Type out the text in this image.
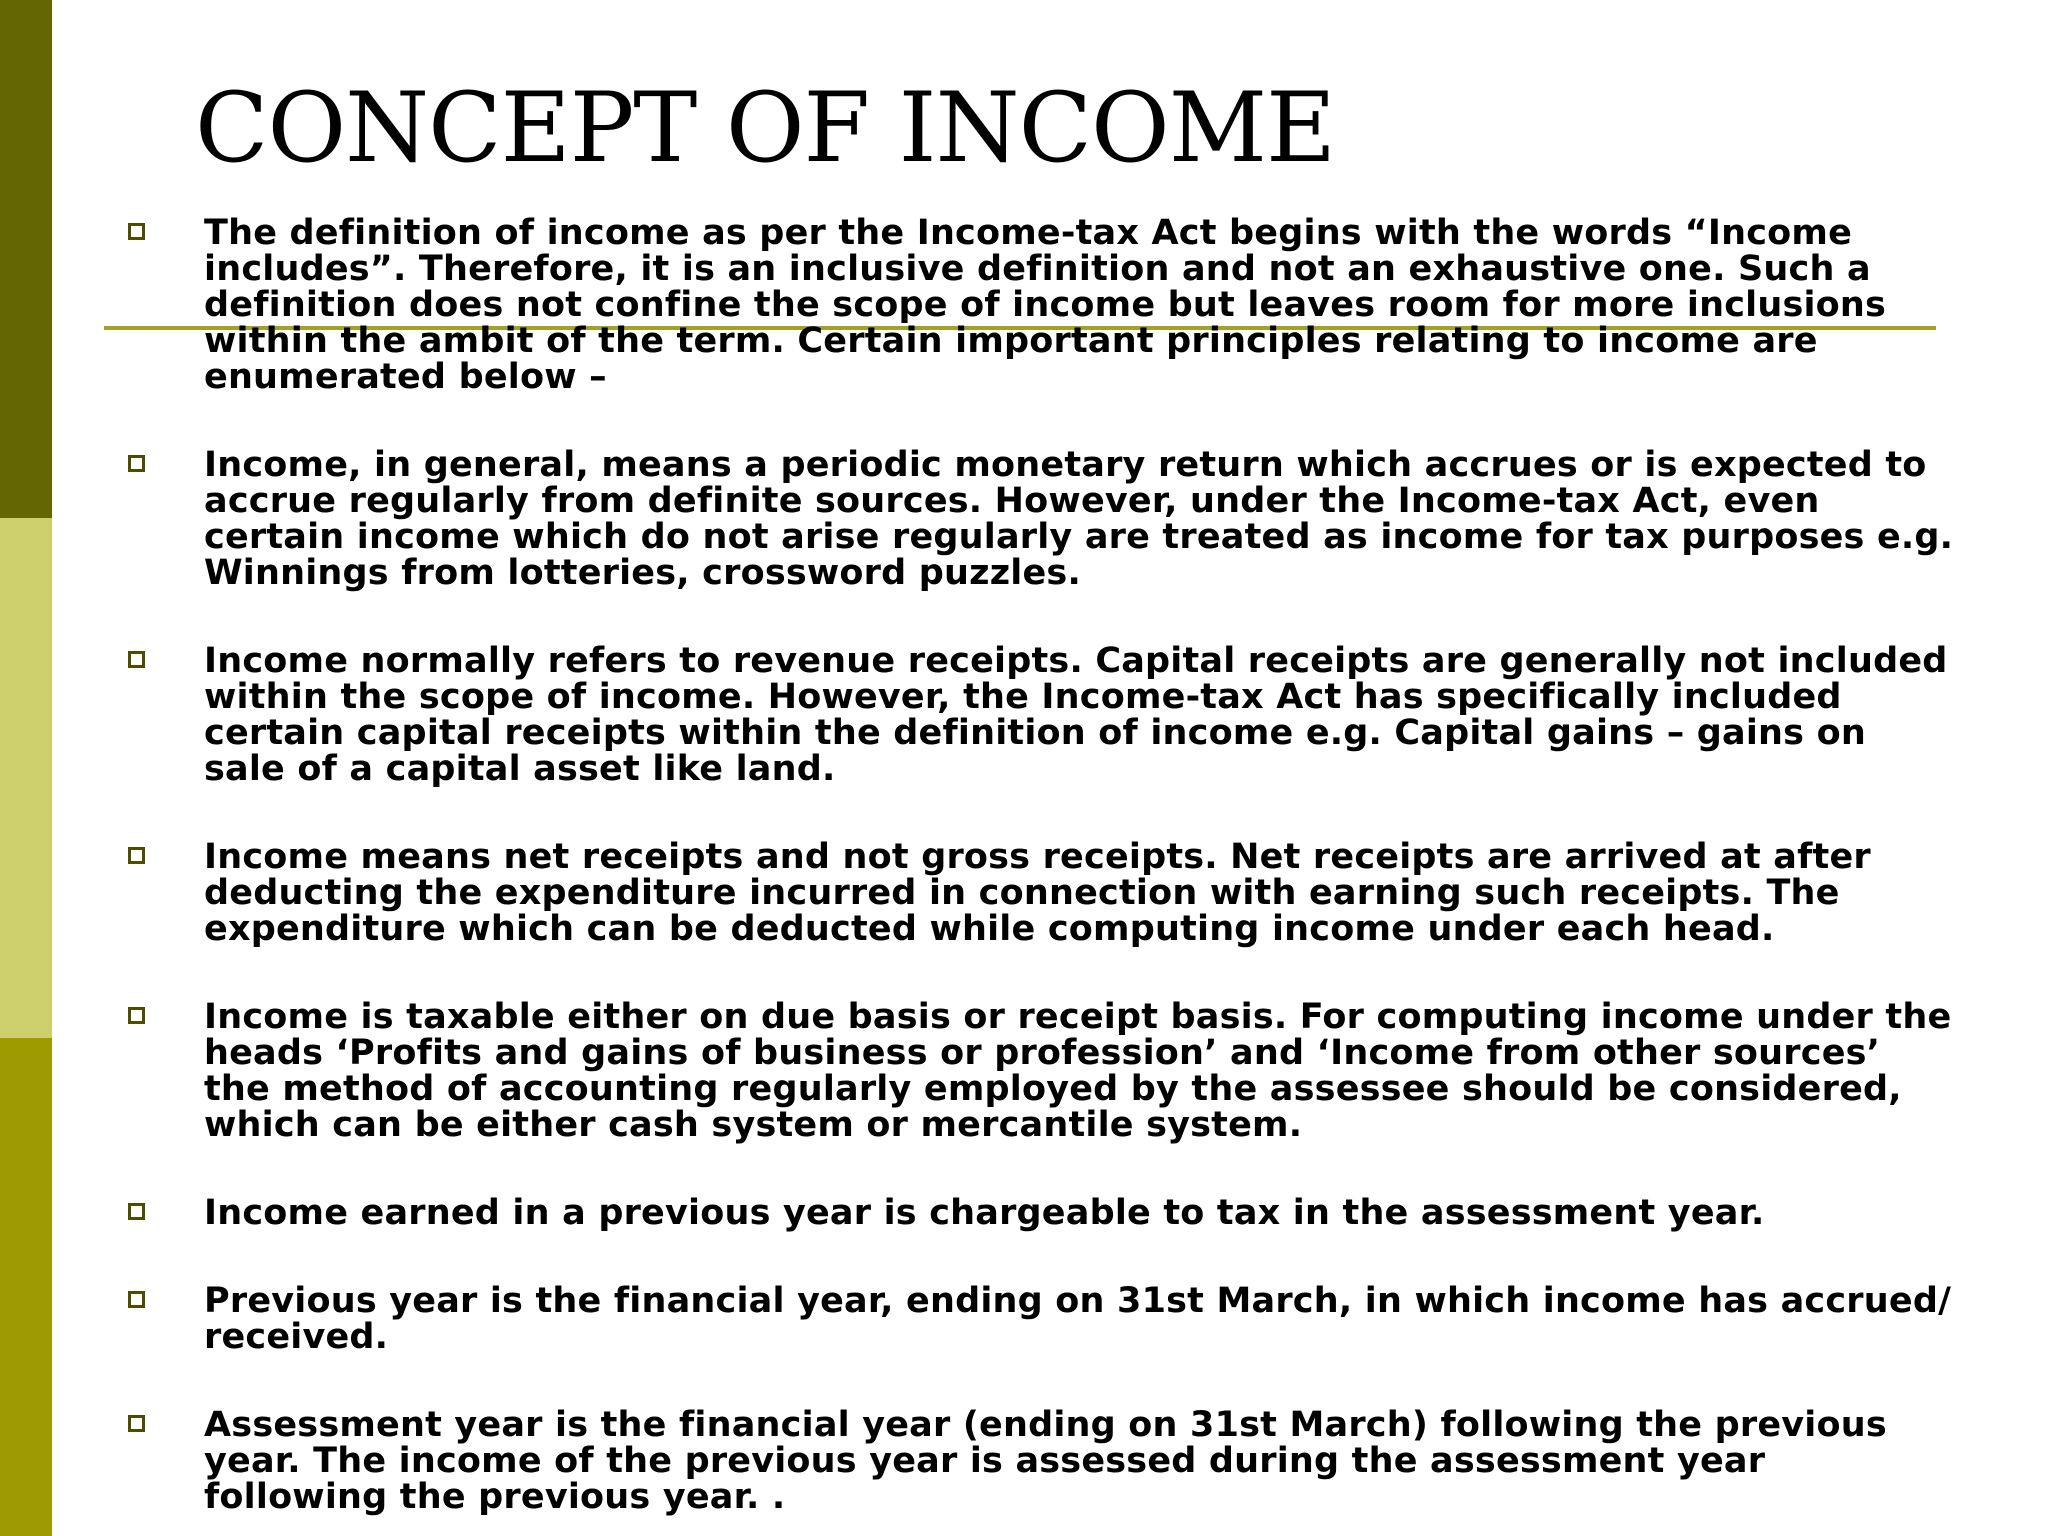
CONCEPT OF INCOME
The definition of income as per the Income-tax Act begins with the words “Income includes”. Therefore, it is an inclusive definition and not an exhaustive one. Such a definition does not confine the scope of income but leaves room for more inclusions within the ambit of the term. Certain important principles relating to income are enumerated below –
Income, in general, means a periodic monetary return which accrues or is expected to accrue regularly from definite sources. However, under the Income-tax Act, even certain income which do not arise regularly are treated as income for tax purposes e.g. Winnings from lotteries, crossword puzzles.
Income normally refers to revenue receipts. Capital receipts are generally not included within the scope of income. However, the Income-tax Act has specifically included certain capital receipts within the definition of income e.g. Capital gains – gains on sale of a capital asset like land.
Income means net receipts and not gross receipts. Net receipts are arrived at after deducting the expenditure incurred in connection with earning such receipts. The expenditure which can be deducted while computing income under each head.
Income is taxable either on due basis or receipt basis. For computing income under the heads ‘Profits and gains of business or profession’ and ‘Income from other sources’ the method of accounting regularly employed by the assessee should be considered, which can be either cash system or mercantile system.
Income earned in a previous year is chargeable to tax in the assessment year.
Previous year is the financial year, ending on 31st March, in which income has accrued/ received.
Assessment year is the financial year (ending on 31st March) following the previous year. The income of the previous year is assessed during the assessment year following the previous year. .
